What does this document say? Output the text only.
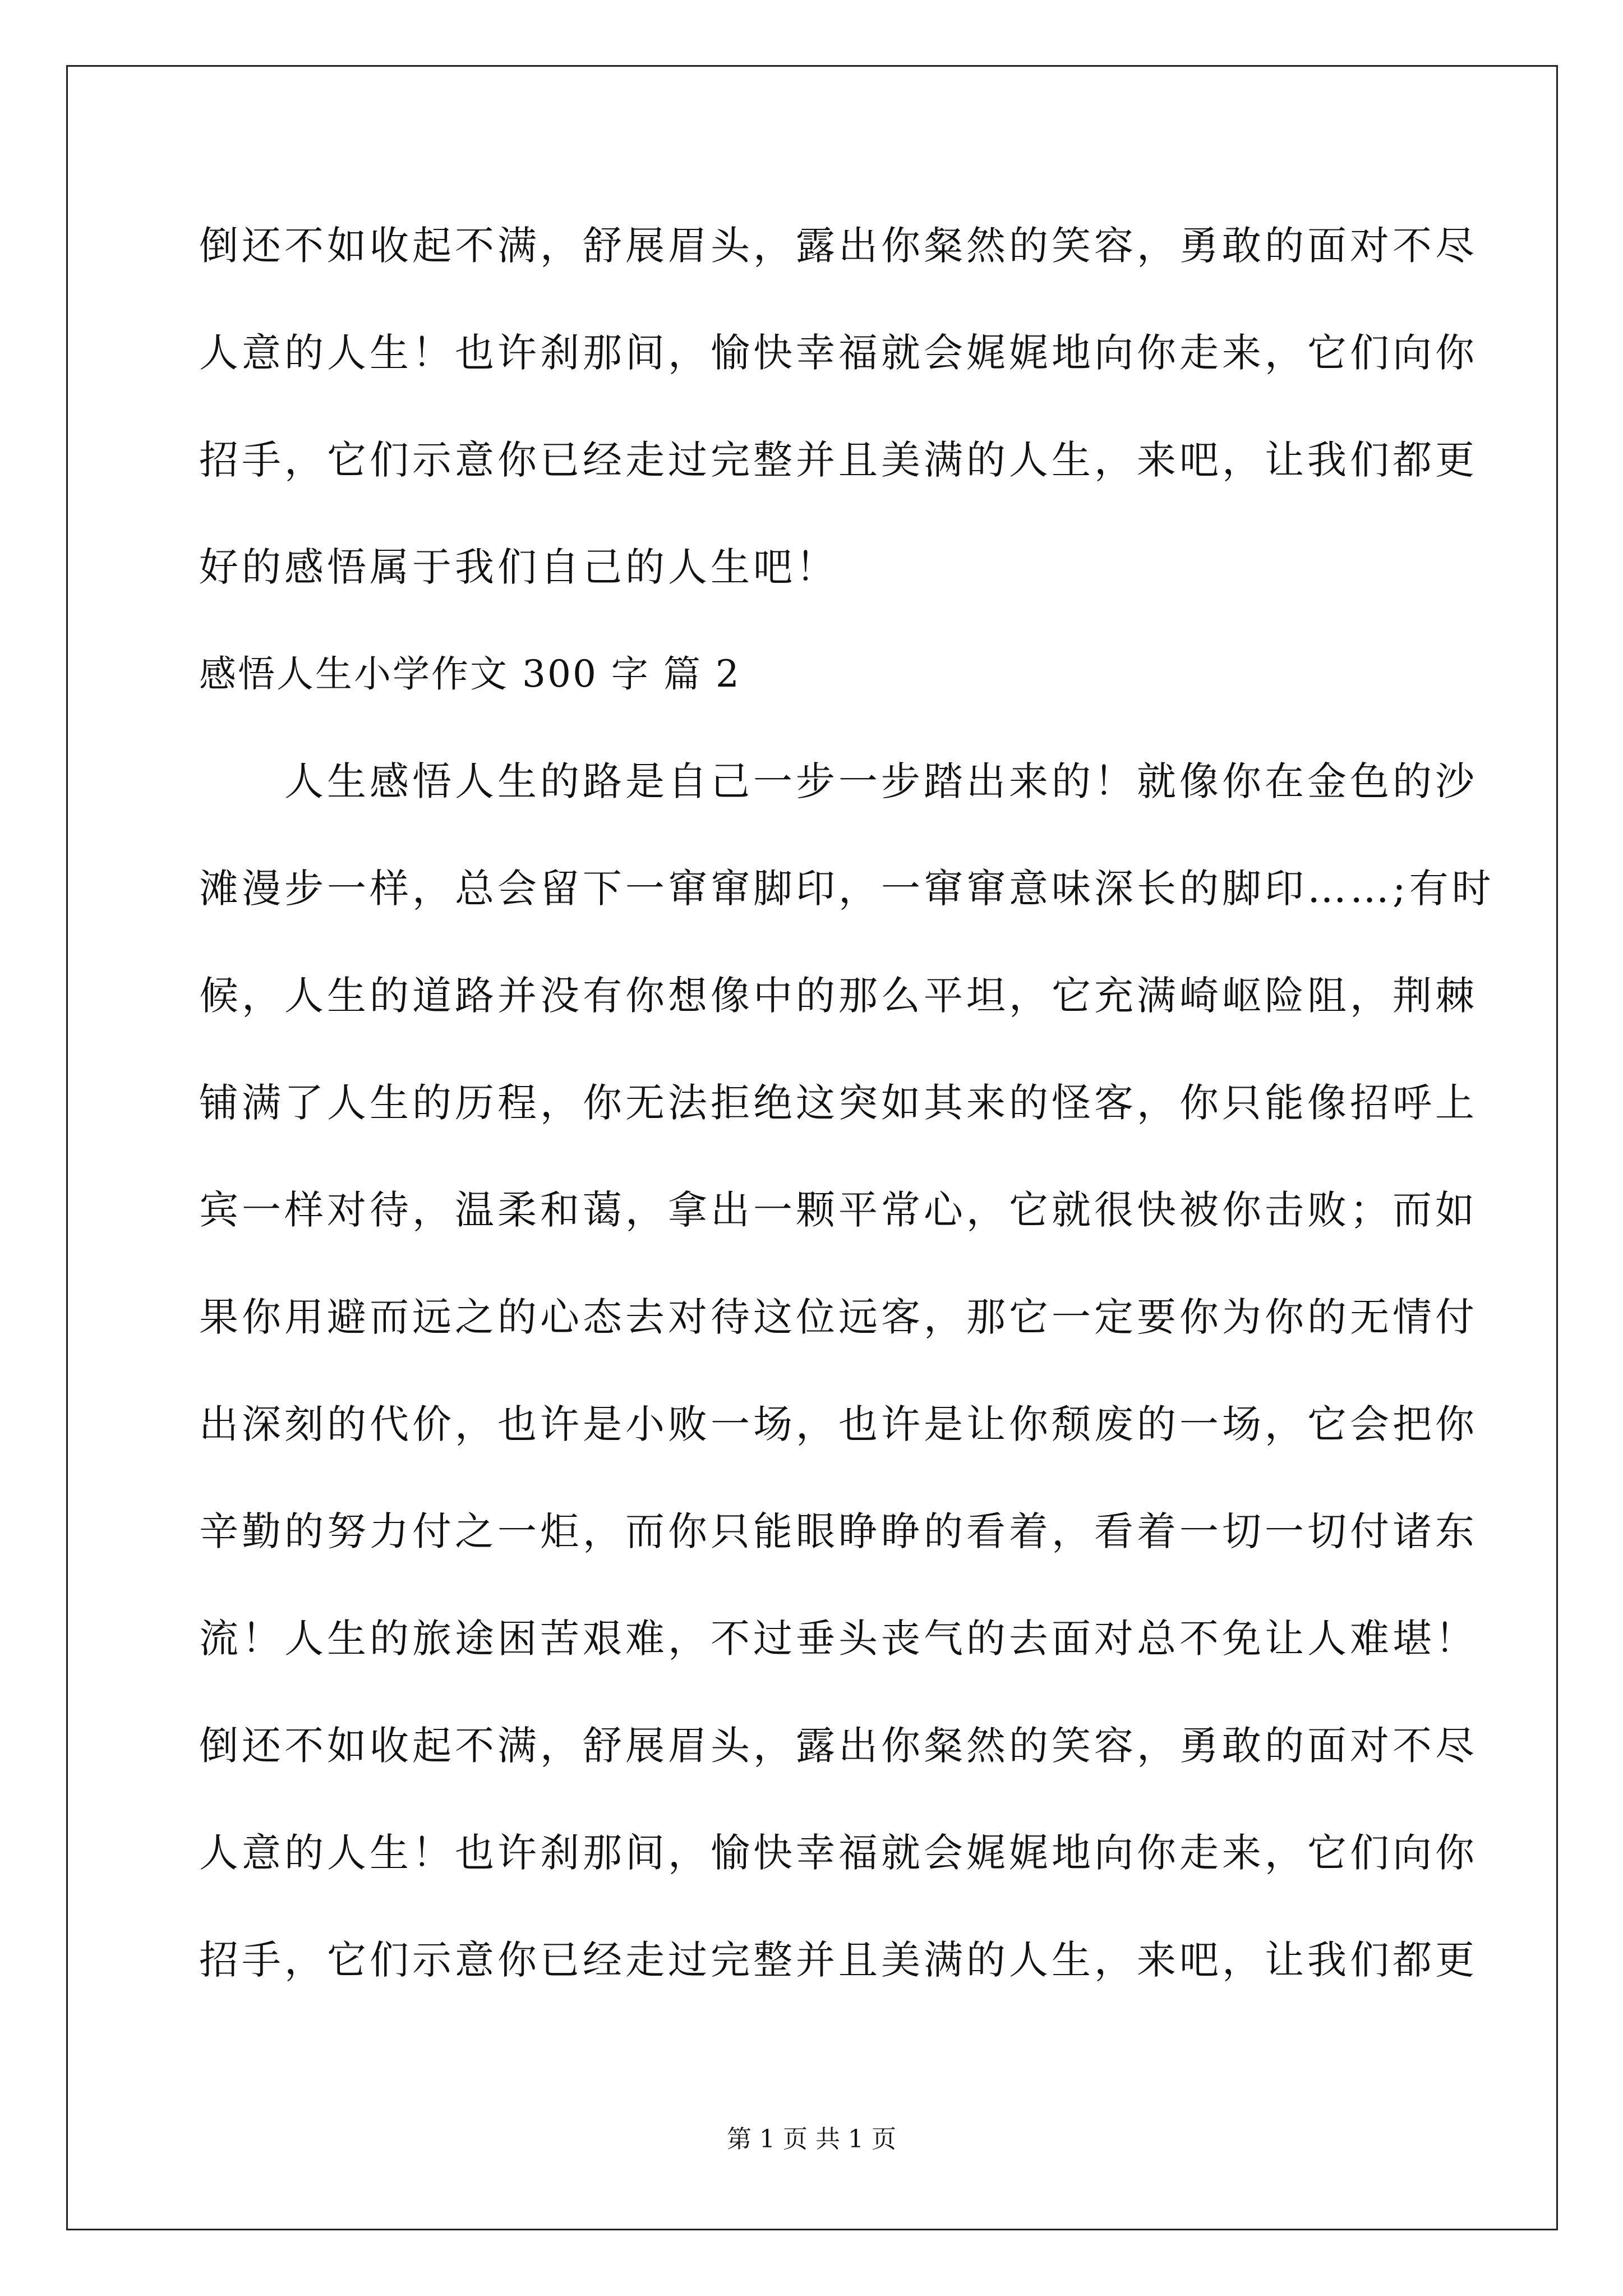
倒还不如收起不满，舒展眉头，露出你粲然的笑容，勇敢的面对不尽
人意的人生！也许刹那间，愉快幸福就会娓娓地向你走来，它们向你
招手，它们示意你已经走过完整并且美满的人生，来吧，让我们都更
好的感悟属于我们自己的人生吧！
感悟人生小学作文 300 字 篇 2
　　人生感悟人生的路是自己一步一步踏出来的！就像你在金色的沙
滩漫步一样，总会留下一窜窜脚印，一窜窜意味深长的脚印……;有时
候，人生的道路并没有你想像中的那么平坦，它充满崎岖险阻，荆棘
铺满了人生的历程，你无法拒绝这突如其来的怪客，你只能像招呼上
宾一样对待，温柔和蔼，拿出一颗平常心，它就很快被你击败；而如
果你用避而远之的心态去对待这位远客，那它一定要你为你的无情付
出深刻的代价，也许是小败一场，也许是让你颓废的一场，它会把你
辛勤的努力付之一炬，而你只能眼睁睁的看着，看着一切一切付诸东
流！人生的旅途困苦艰难，不过垂头丧气的去面对总不免让人难堪！
倒还不如收起不满，舒展眉头，露出你粲然的笑容，勇敢的面对不尽
人意的人生！也许刹那间，愉快幸福就会娓娓地向你走来，它们向你
招手，它们示意你已经走过完整并且美满的人生，来吧，让我们都更
第 1 页 共 1 页
